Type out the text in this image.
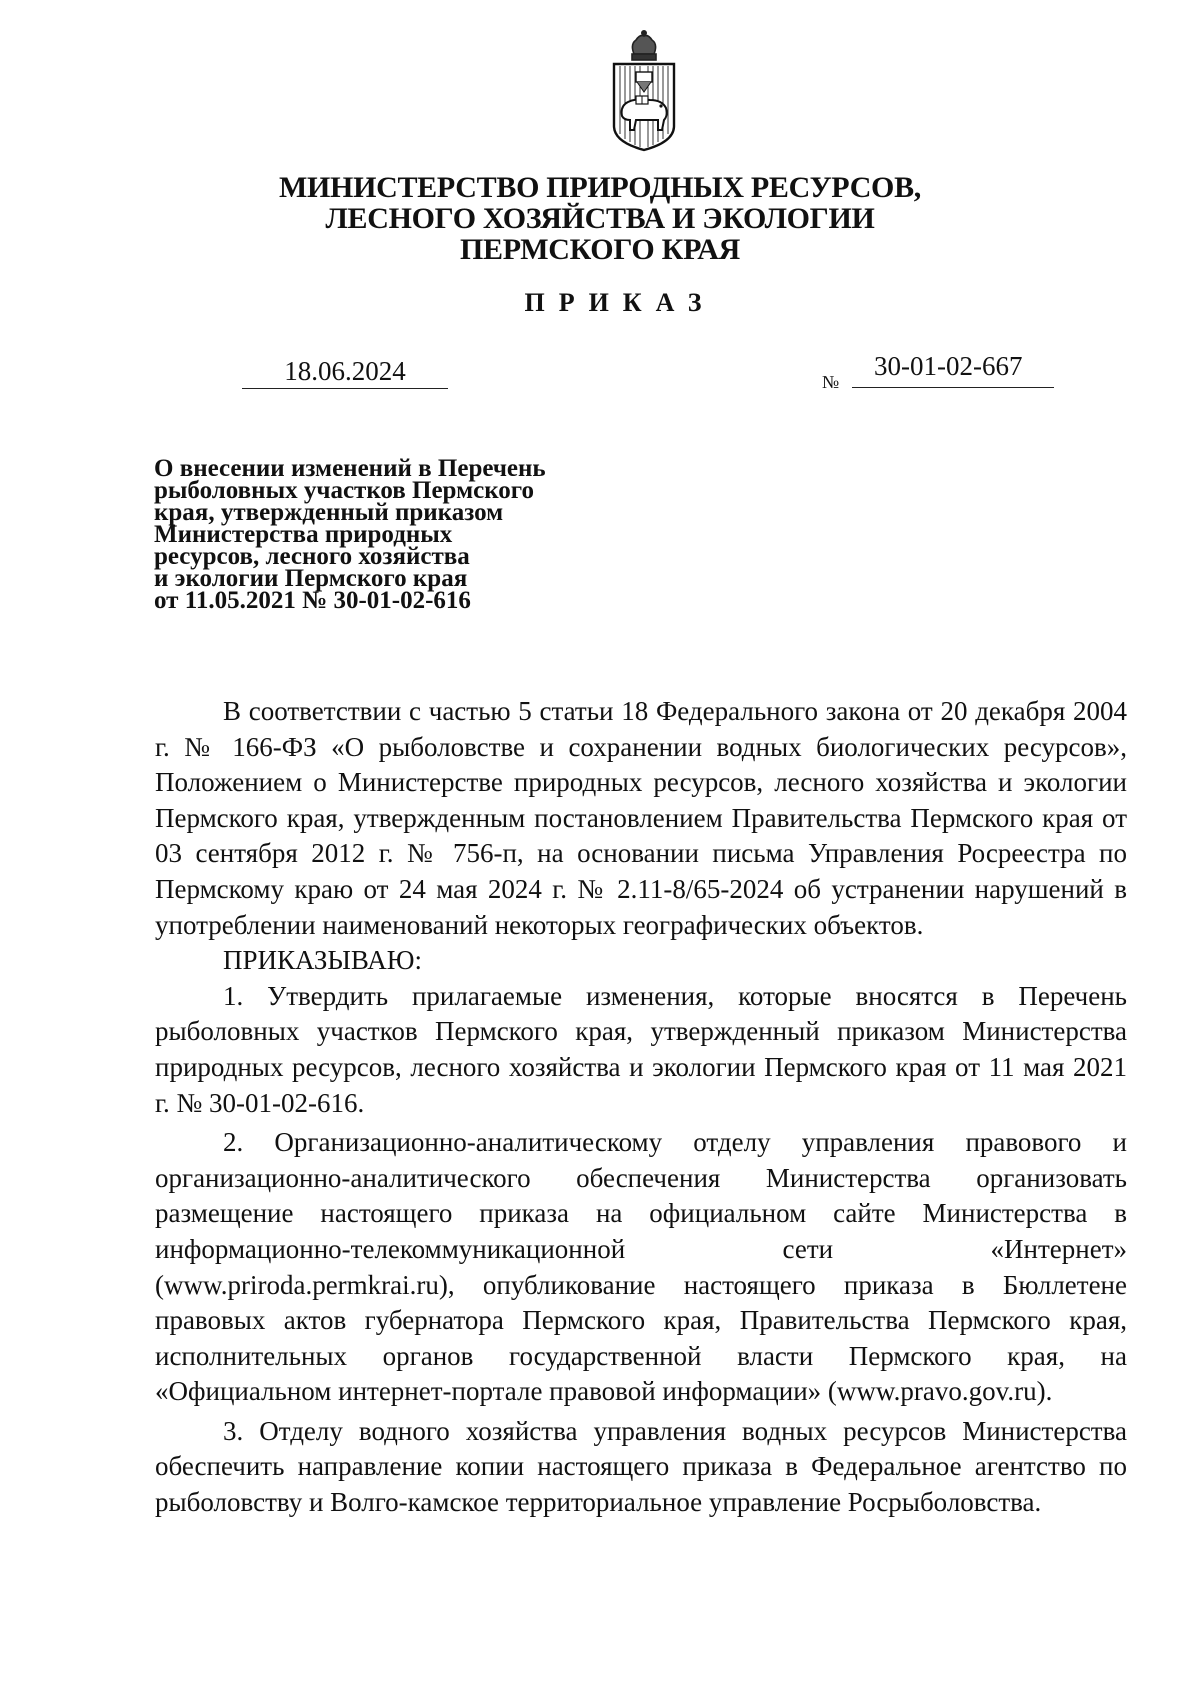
МИНИСТЕРСТВО ПРИРОДНЫХ РЕСУРСОВ,
ЛЕСНОГО ХОЗЯЙСТВА И ЭКОЛОГИИ
ПЕРМСКОГО КРАЯ
ПРИКАЗ
18.06.2024	№
30-01-02-667
О внесении изменений в Перечень
рыболовных участков Пермского
края, утвержденный приказом
Министерства природных
ресурсов, лесного хозяйства
и экологии Пермского края
от 11.05.2021 № 30-01-02-616

В соответствии с частью 5 статьи 18 Федерального закона от 20 декабря 2004 г. № 166-ФЗ «О рыболовстве и сохранении водных биологических ресурсов», Положением о Министерстве природных ресурсов, лесного хозяйства и экологии Пермского края, утвержденным постановлением Правительства Пермского края от 03 сентября 2012 г. № 756-п, на основании письма Управления Росреестра по Пермскому краю от 24 мая 2024 г. № 2.11-8/65-2024 об устранении нарушений в употреблении наименований некоторых географических объектов.

ПРИКАЗЫВАЮ:

1. Утвердить прилагаемые изменения, которые вносятся в Перечень рыболовных участков Пермского края, утвержденный приказом Министерства природных ресурсов, лесного хозяйства и экологии Пермского края от 11 мая 2021 г. № 30-01-02-616.

2. Организационно-аналитическому отделу управления правового и организационно-аналитического обеспечения Министерства организовать размещение настоящего приказа на официальном сайте Министерства в информационно-телекоммуникационной сети «Интернет» (www.priroda.permkrai.ru), опубликование настоящего приказа в Бюллетене правовых актов губернатора Пермского края, Правительства Пермского края, исполнительных органов государственной власти Пермского края, на «Официальном интернет-портале правовой информации» (www.pravo.gov.ru).

3. Отделу водного хозяйства управления водных ресурсов Министерства обеспечить направление копии настоящего приказа в Федеральное агентство по рыболовству и Волго-камское территориальное управление Росрыболовства.
